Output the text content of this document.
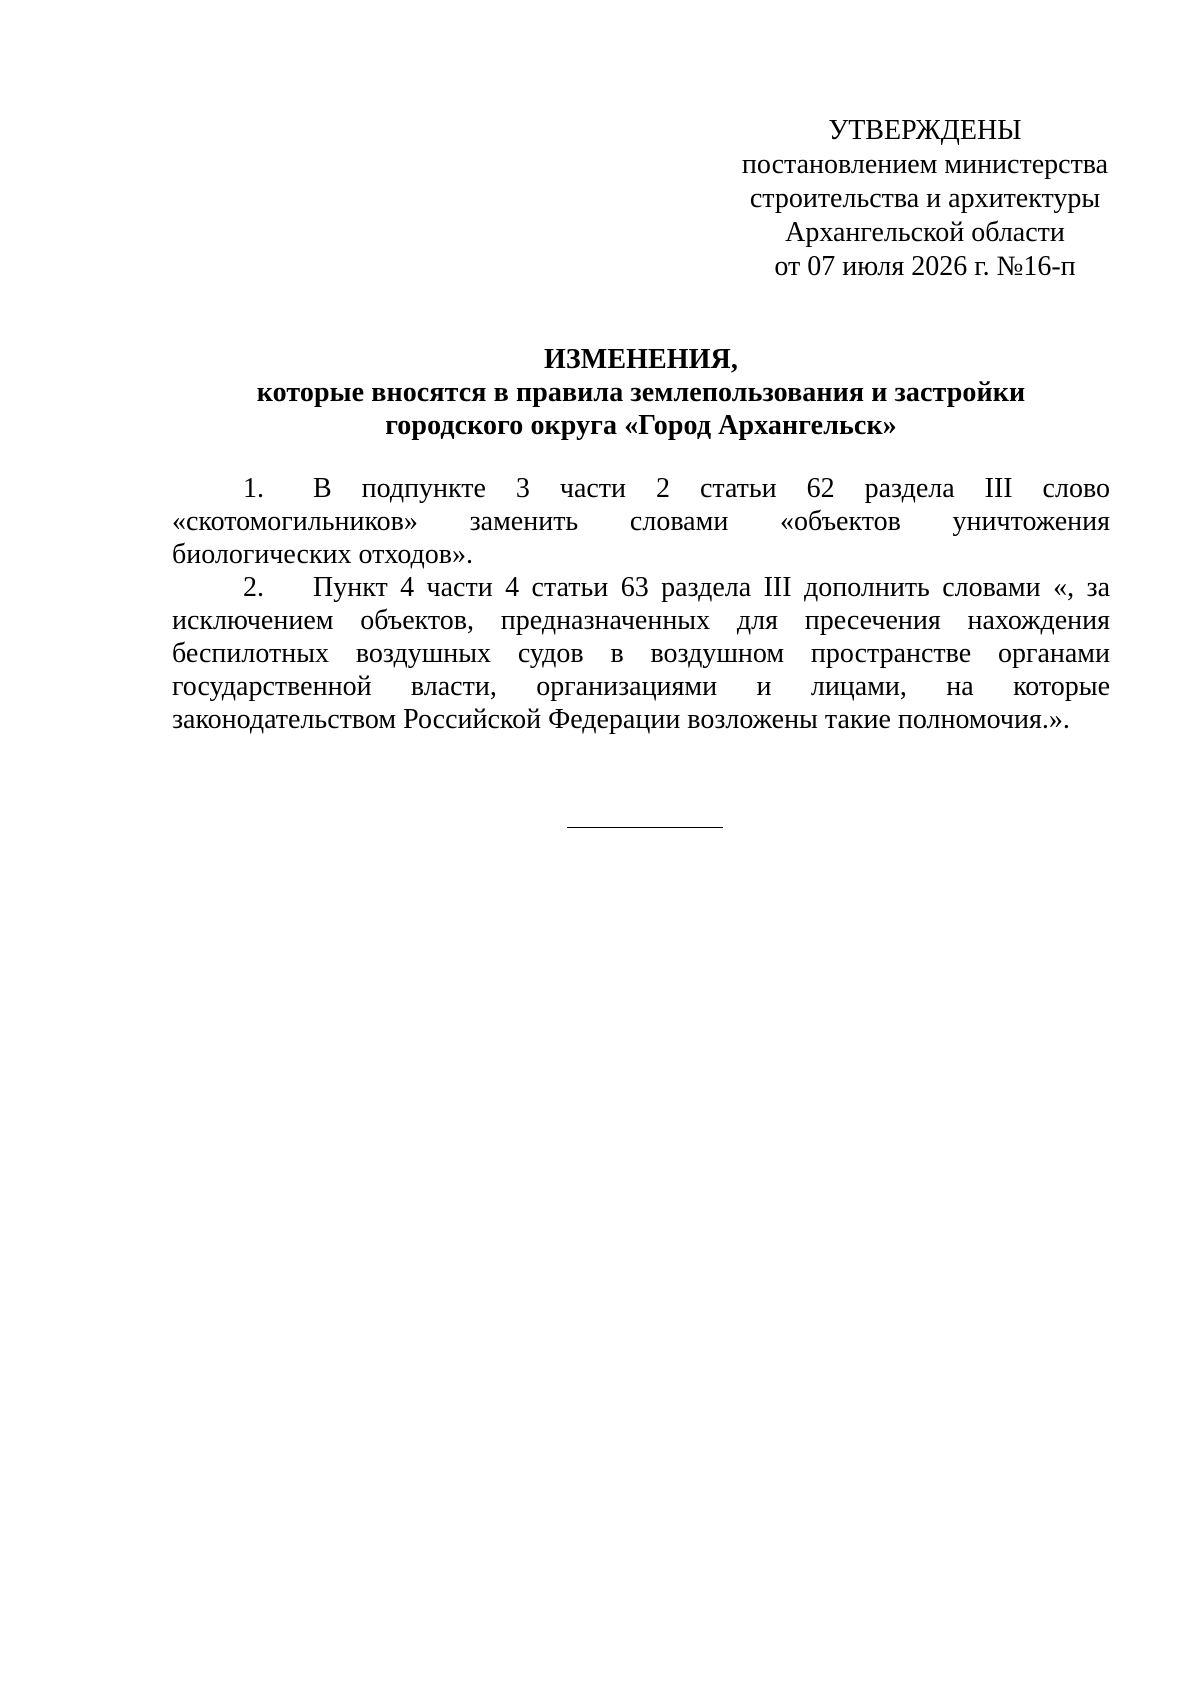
УТВЕРЖДЕНЫ
постановлением министерства
строительства и архитектуры
Архангельской области
от 07 июля 2026 г. №16-п
ИЗМЕНЕНИЯ,
которые вносятся в правила землепользования и застройки
городского округа «Город Архангельск»

1. В подпункте 3 части 2 статьи 62 раздела III слово «скотомогильников» заменить словами «объектов уничтожения биологических отходов».

2. Пункт 4 части 4 статьи 63 раздела III дополнить словами «, за исключением объектов, предназначенных для пресечения нахождения беспилотных воздушных судов в воздушном пространстве органами государственной власти, организациями и лицами, на которые законодательством Российской Федерации возложены такие полномочия.».
